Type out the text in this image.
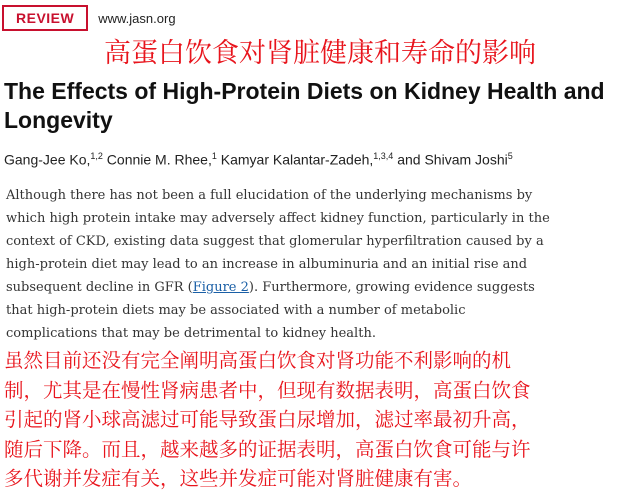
REVIEW	www.jasn.org
高蛋白饮食对肾脏健康和寿命的影响
The Effects of High-Protein Diets on Kidney Health and
Longevity
Gang-Jee Ko,$^{1,2}$ Connie M. Rhee,$^1$ Kamyar Kalantar-Zadeh,$^{1,3,4}$ and Shivam Joshi$^5$
Although there has not been a full elucidation of the underlying mechanisms by
which high protein intake may adversely affect kidney function, particularly in the
context of CKD, existing data suggest that glomerular hyperfiltration caused by a
high-protein diet may lead to an increase in albuminuria and an initial rise and
subsequent decline in GFR (Figure 2). Furthermore, growing evidence suggests
that high-protein diets may be associated with a number of metabolic
complications that may be detrimental to kidney health.
虽然目前还没有完全阐明高蛋白饮食对肾功能不利影响的机
制，尤其是在慢性肾病患者中，但现有数据表明，高蛋白饮食
引起的肾小球高滤过可能导致蛋白尿增加，滤过率最初升高，
随后下降。而且，越来越多的证据表明，高蛋白饮食可能与许
多代谢并发症有关，这些并发症可能对肾脏健康有害。
